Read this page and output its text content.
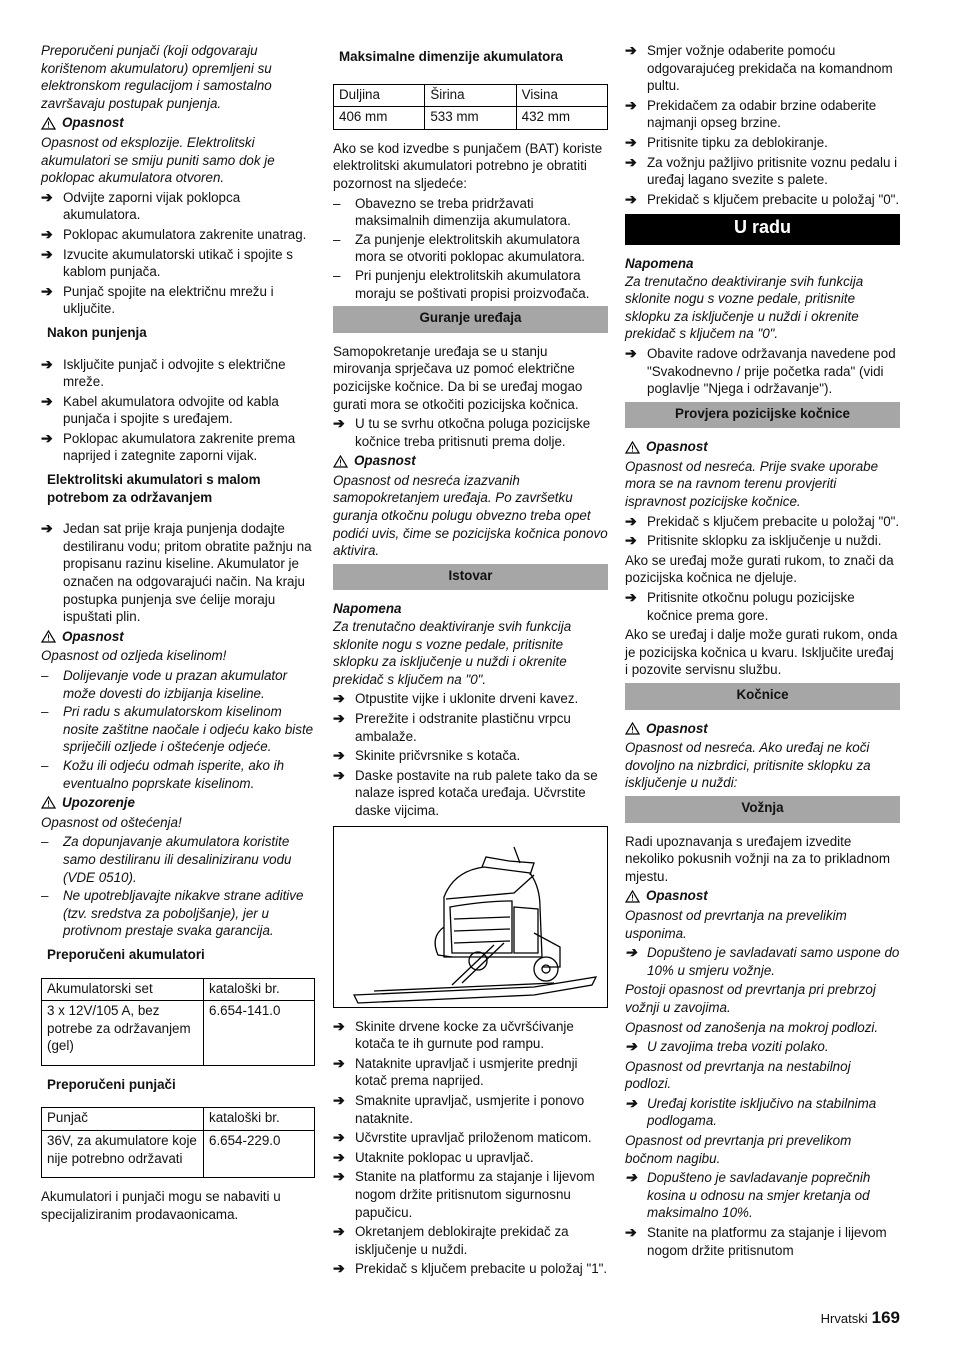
Preporučeni punjači (koji odgovaraju korištenom akumulatoru) opremljeni su elektronskom regulacijom i samostalno završavaju postupak punjenja.

Opasnost

Opasnost od eksplozije. Elektrolitski akumulatori se smiju puniti samo dok je poklopac akumulatora otvoren.

➔ Odvijte zaporni vijak poklopca akumulatora.
➔ Poklopac akumulatora zakrenite unatrag.
➔ Izvucite akumulatorski utikač i spojite s kablom punjača.
➔ Punjač spojite na električnu mrežu i uključite.
Nakon punjenja
➔ Isključite punjač i odvojite s električne mreže.
➔ Kabel akumulatora odvojite od kabla punjača i spojite s uređajem.
➔ Poklopac akumulatora zakrenite prema naprijed i zategnite zaporni vijak.
Elektrolitski akumulatori s malom potrebom za održavanjem
➔ Jedan sat prije kraja punjenja dodajte destiliranu vodu; pritom obratite pažnju na propisanu razinu kiseline. Akumulator je označen na odgovarajući način. Na kraju postupka punjenja sve ćelije moraju ispuštati plin.
Opasnost

Opasnost od ozljeda kiselinom!

–	Dolijevanje vode u prazan akumulator može dovesti do izbijanja kiseline.
–	Pri radu s akumulatorskom kiselinom nosite zaštitne naočale i odjeću kako biste spriječili ozljede i oštećenje odjeće.
–	Kožu ili odjeću odmah isperite, ako ih eventualno poprskate kiselinom.
Upozorenje

Opasnost od oštećenja!

–	Za dopunjavanje akumulatora koristite samo destiliranu ili desaliniziranu vodu (VDE 0510).
–	Ne upotrebljavajte nikakve strane aditive (tzv. sredstva za poboljšanje), jer u protivnom prestaje svaka garancija.
Preporučeni akumulatori
Akumulatorski set	kataloški br.
3 x 12V/105 A, bez potrebe za održavanjem (gel)	6.654-141.0
Preporučeni punjači
Punjač	kataloški br.
36V, za akumulatore koje nije potrebno održavati	6.654-229.0

Akumulatori i punjači mogu se nabaviti u specijaliziranim prodavaonicama.

Maksimalne dimenzije akumulatora
Duljina	Širina	Visina
406 mm	533 mm	432 mm

Ako se kod izvedbe s punjačem (BAT) koriste elektrolitski akumulatori potrebno je obratiti pozornost na sljedeće:

–	Obavezno se treba pridržavati maksimalnih dimenzija akumulatora.
–	Za punjenje elektrolitskih akumulatora mora se otvoriti poklopac akumulatora.
–	Pri punjenju elektrolitskih akumulatora moraju se poštivati propisi proizvođača.
Guranje uređaja

Samopokretanje uređaja se u stanju mirovanja sprječava uz pomoć električne pozicijske kočnice. Da bi se uređaj mogao gurati mora se otkočiti pozicijska kočnica.

➔ U tu se svrhu otkočna poluga pozicijske kočnice treba pritisnuti prema dolje.
Opasnost

Opasnost od nesreća izazvanih samopokretanjem uređaja. Po završetku guranja otkočnu polugu obvezno treba opet podići uvis, čime se pozicijska kočnica ponovo aktivira.

Istovar
Napomena

Za trenutačno deaktiviranje svih funkcija sklonite nogu s vozne pedale, pritisnite sklopku za isključenje u nuždi i okrenite prekidač s ključem na "0".

➔ Otpustite vijke i uklonite drveni kavez.
➔ Prerežite i odstranite plastičnu vrpcu ambalaže.
➔ Skinite pričvrsnike s kotača.
➔ Daske postavite na rub palete tako da se nalaze ispred kotača uređaja. Učvrstite daske vijcima.
➔ Skinite drvene kocke za učvršćivanje kotača te ih gurnute pod rampu.
➔ Nataknite upravljač i usmjerite prednji kotač prema naprijed.
➔ Smaknite upravljač, usmjerite i ponovo nataknite.
➔ Učvrstite upravljač priloženom maticom.
➔ Utaknite poklopac u upravljač.
➔ Stanite na platformu za stajanje i lijevom nogom držite pritisnutom sigurnosnu papučicu.
➔ Okretanjem deblokirajte prekidač za isključenje u nuždi.
➔ Prekidač s ključem prebacite u položaj "1".
➔ Smjer vožnje odaberite pomoću odgovarajućeg prekidača na komandnom pultu.
➔ Prekidačem za odabir brzine odaberite najmanji opseg brzine.
➔ Pritisnite tipku za deblokiranje.
➔ Za vožnju pažljivo pritisnite voznu pedalu i uređaj lagano svezite s palete.
➔ Prekidač s ključem prebacite u položaj "0".
U radu
Napomena

Za trenutačno deaktiviranje svih funkcija sklonite nogu s vozne pedale, pritisnite sklopku za isključenje u nuždi i okrenite prekidač s ključem na "0".

➔ Obavite radove održavanja navedene pod "Svakodnevno / prije početka rada" (vidi poglavlje "Njega i održavanje").
Provjera pozicijske kočnice
Opasnost

Opasnost od nesreća. Prije svake uporabe mora se na ravnom terenu provjeriti ispravnost pozicijske kočnice.

➔ Prekidač s ključem prebacite u položaj "0".
➔ Pritisnite sklopku za isključenje u nuždi.

Ako se uređaj može gurati rukom, to znači da pozicijska kočnica ne djeluje.

➔ Pritisnite otkočnu polugu pozicijske kočnice prema gore.

Ako se uređaj i dalje može gurati rukom, onda je pozicijska kočnica u kvaru. Isključite uređaj i pozovite servisnu službu.

Kočnice
Opasnost

Opasnost od nesreća. Ako uređaj ne koči dovoljno na nizbrdici, pritisnite sklopku za isključenje u nuždi:

Vožnja

Radi upoznavanja s uređajem izvedite nekoliko pokusnih vožnji na za to prikladnom mjestu.

Opasnost

Opasnost od prevrtanja na prevelikim usponima.

➔ Dopušteno je savladavati samo uspone do 10% u smjeru vožnje.

Postoji opasnost od prevrtanja pri prebrzoj vožnji u zavojima.

Opasnost od zanošenja na mokroj podlozi.

➔ U zavojima treba voziti polako.

Opasnost od prevrtanja na nestabilnoj podlozi.

➔ Uređaj koristite isključivo na stabilnima podlogama.

Opasnost od prevrtanja pri prevelikom bočnom nagibu.

➔ Dopušteno je savladavanje poprečnih kosina u odnosu na smjer kretanja od maksimalno 10%.
➔ Stanite na platformu za stajanje i lijevom nogom držite pritisnutom
Hrvatski 169
